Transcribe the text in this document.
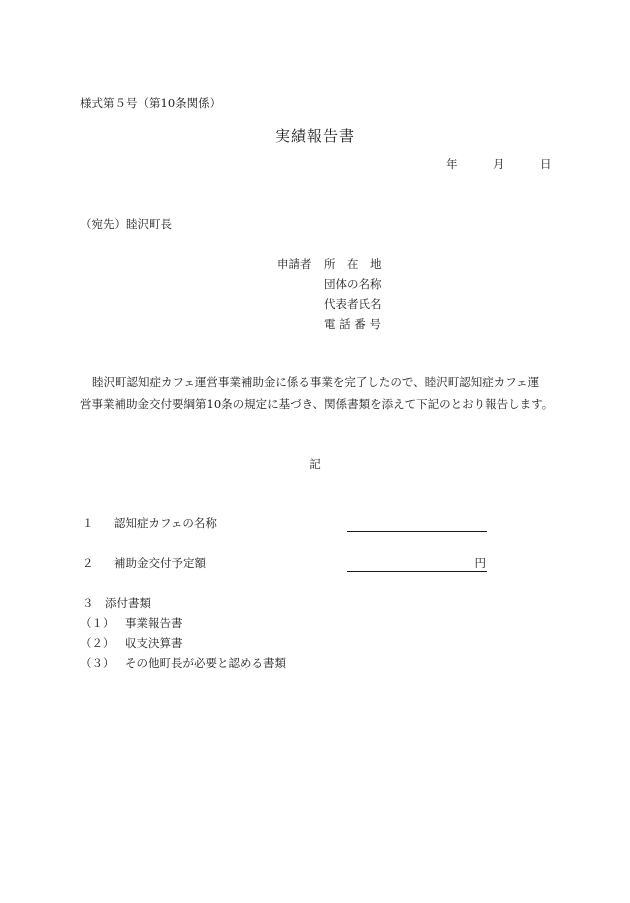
様式第５号（第10条関係）
実績報告書
年	月	日
（宛先）睦沢町長
申請者 所　在　地
団体の名称
代表者氏名
電 話 番 号
睦沢町認知症カフェ運営事業補助金に係る事業を完了したので、睦沢町認知症カフェ運
営事業補助金交付要綱第10条の規定に基づき、関係書類を添えて下記のとおり報告します。
記
１ 認知症カフェの名称
２ 補助金交付予定額	円
３　添付書類
（１） 事業報告書
（２） 収支決算書
（３） その他町長が必要と認める書類
